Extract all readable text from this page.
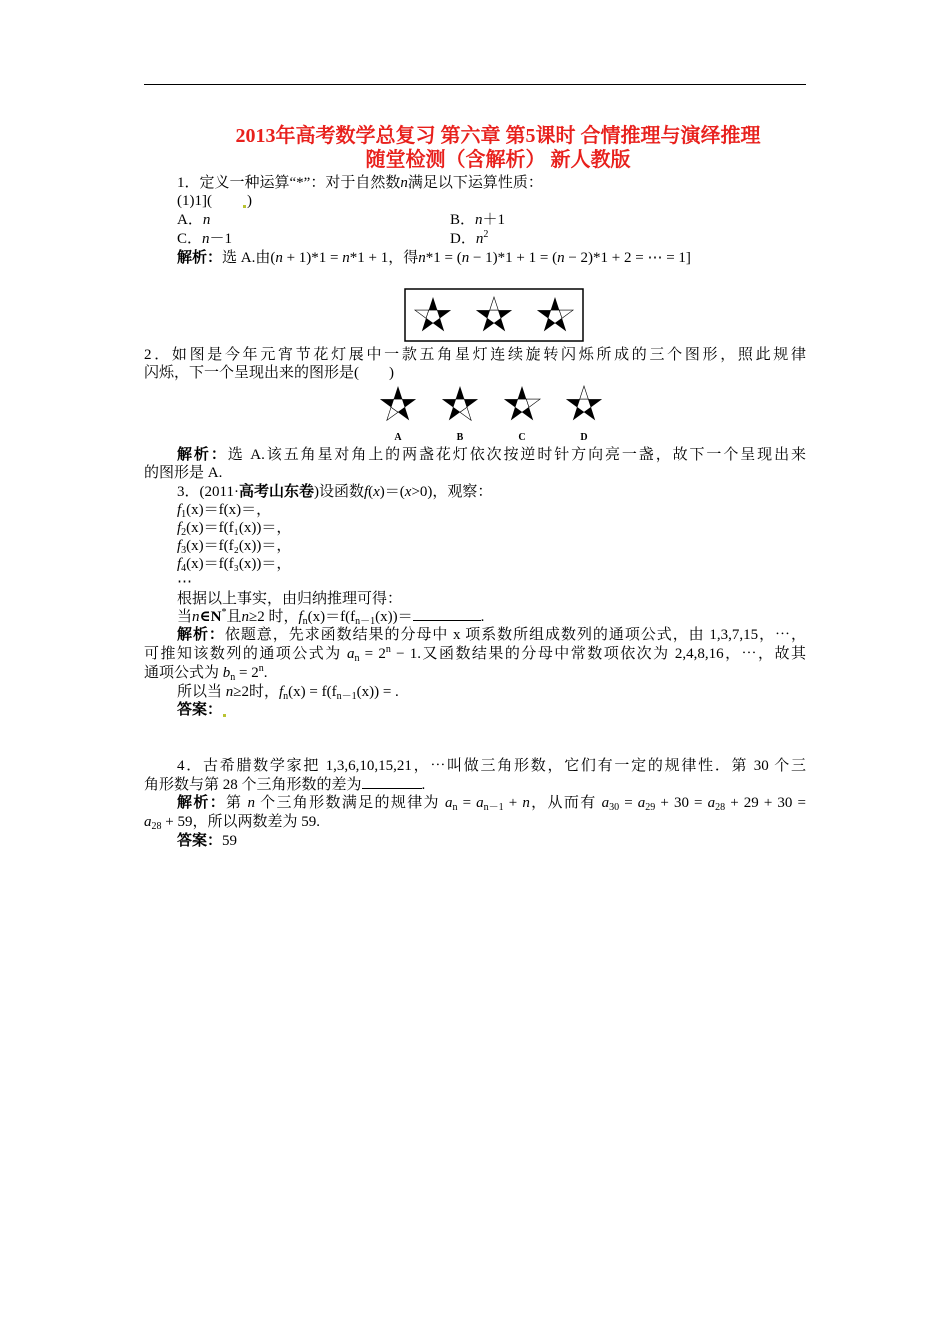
2013年高考数学总复习 第六章 第5课时 合情推理与演绎推理
随堂检测（含解析） 新人教版
1．定义一种运算“*”：对于自然数n满足以下运算性质：
(1)1]( )
A．n	B．n＋1
C．n－1	D．$n^2$
解析：选 A.由(n + 1)*1 = n*1 + 1，得n*1 = (n − 1)*1 + 1 = (n − 2)*1 + 2 = ⋯ = 1]
2．如图是今年元宵节花灯展中一款五角星灯连续旋转闪烁所成的三个图形，照此规律
闪烁，下一个呈现出来的图形是(　　)
A	B	C	D
解析：选 A.该五角星对角上的两盏花灯依次按逆时针方向亮一盏，故下一个呈现出来
的图形是 A.
3．(2011·高考山东卷)设函数f(x)＝(x>0)，观察：
$f_1(x)=f(x)=$，
$f_2(x)=f(f_1(x))=$，
$f_3(x)=f(f_2(x))=$，
$f_4(x)=f(f_3(x))=$，
⋯
根据以上事实，由归纳推理可得：
当n∈N*且n≥2 时，$f_n(x)=f(f_{n-1}(x))=$	.
解析：依题意，先求函数结果的分母中 x 项系数所组成数列的通项公式，由 1,3,7,15，⋯，
可推知该数列的通项公式为 $a_n = 2^n - 1$.又函数结果的分母中常数项依次为 2,4,8,16，⋯，故其
通项公式为 $b_n = 2^n$.
所以当 n≥2时，$f_n(x) = f(f_{n-1}(x))$ = .
答案：
4．古希腊数学家把 1,3,6,10,15,21，⋯叫做三角形数，它们有一定的规律性．第 30 个三
角形数与第 28 个三角形数的差为	.
解析：第 n 个三角形数满足的规律为 $a_n = a_{n-1} + n$，从而有 $a_{30} = a_{29} + 30 = a_{28} + 29 + 30$ =
$a_{28} + 59$，所以两数差为 59.
答案：59
